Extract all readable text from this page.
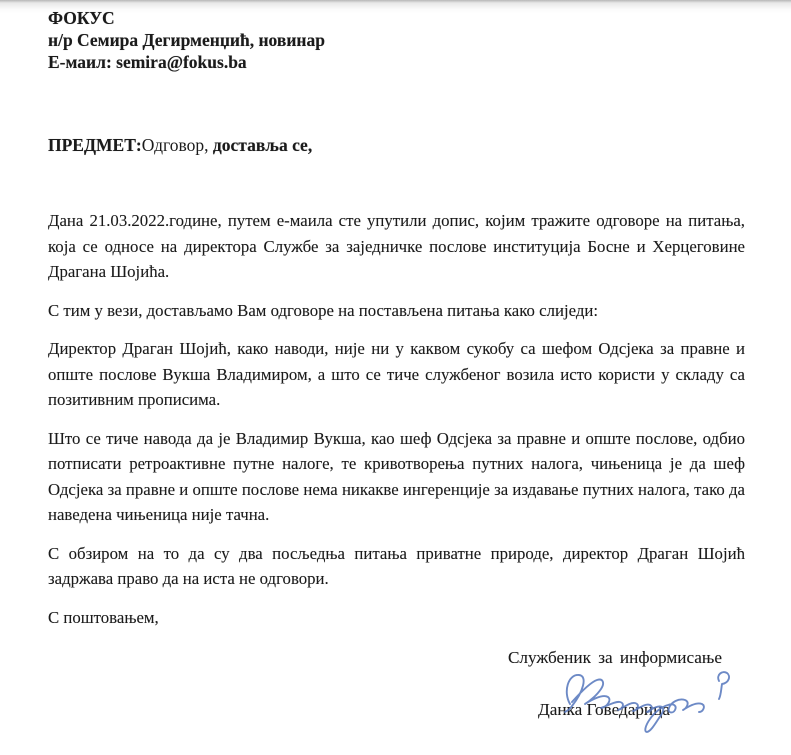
ФОКУС
н/р Семира Дегирменџић, новинар
Е-маил: semira@fokus.ba
ПРЕДМЕТ:Одговор, доставља се,

Дана 21.03.2022.године, путем е-маила сте упутили допис, којим тражите одговоре на питања, која се односе на директора Службе за заједничке послове институција Босне и Херцеговине Драгана Шојића.

С тим у вези, достављамо Вам одговоре на постављена питања како слиједи:

Директор Драган Шојић, како наводи, није ни у каквом сукобу са шефом Одсјека за правне и опште послове Вукша Владимиром, а што се тиче службеног возила исто користи у складу са позитивним прописима.

Што се тиче навода да је Владимир Вукша, као шеф Одсјека за правне и опште послове, одбио потписати ретроактивне путне налоге, те кривотворења путних налога, чињеница је да шеф Одсјека за правне и опште послове нема никакве ингеренције за издавање путних налога, тако да наведена чињеница није тачна.

С обзиром на то да су два посљедња питања приватне природе, директор Драган Шојић задржава право да на иста не одговори.

С поштовањем,

Службеник за информисање
Данка Говедарица
